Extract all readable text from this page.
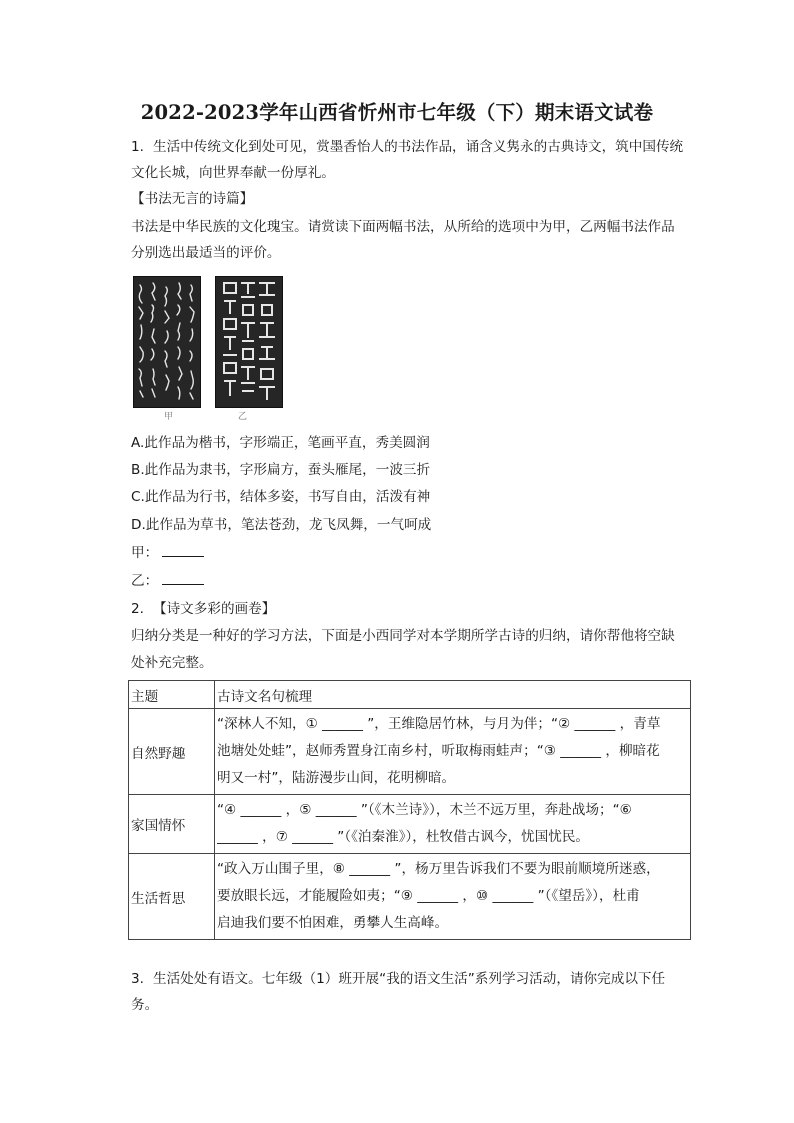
2022-2023学年山西省忻州市七年级（下）期末语文试卷
1. 生活中传统文化到处可见，赏墨香怡人的书法作品，诵含义隽永的古典诗文，筑中国传统
文化长城，向世界奉献一份厚礼。
【书法无言的诗篇】
书法是中华民族的文化瑰宝。请赏读下面两幅书法，从所给的选项中为甲，乙两幅书法作品
分别选出最适当的评价。
甲	乙
A.此作品为楷书，字形端正，笔画平直，秀美圆润
B.此作品为隶书，字形扁方，蚕头雁尾，一波三折
C.此作品为行书，结体多姿，书写自由，活泼有神
D.此作品为草书，笔法苍劲，龙飞凤舞，一气呵成
甲：
乙：
2. 【诗文多彩的画卷】
归纳分类是一种好的学习方法，下面是小西同学对本学期所学古诗的归纳，请你帮他将空缺
处补充完整。
主题	古诗文名句梳理
自然野趣	“深林人不知，① ______ ”，王维隐居竹林，与月为伴；“② ______ ，青草
池塘处处蛙”，赵师秀置身江南乡村，听取梅雨蛙声；“③ ______ ，柳暗花
明又一村”，陆游漫步山间，花明柳暗。

家国情怀	“④ ______ ，⑤ ______ ”（《木兰诗》），木兰不远万里，奔赴战场；“⑥
______ ，⑦ ______ ”（《泊秦淮》），杜牧借古讽今，忧国忧民。

生活哲思	“政入万山围子里，⑧ ______ ”，杨万里告诉我们不要为眼前顺境所迷惑，
要放眼长远，才能履险如夷；“⑨ ______ ，⑩ ______ ”（《望岳》），杜甫
启迪我们要不怕困难，勇攀人生高峰。
3. 生活处处有语文。七年级（1）班开展“我的语文生活”系列学习活动，请你完成以下任
务。
